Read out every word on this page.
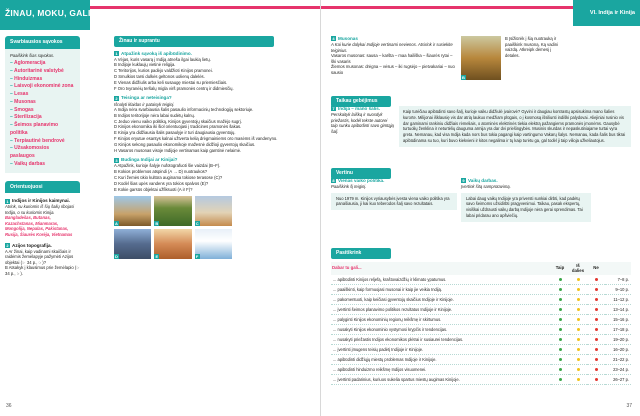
ŽINAU, MOKU, GALIU
Svarbiausios sąvokos
Paaiškink šias sąvokas.
– Aglomeracija
– Autoritarinė valstybė
– Hinduizmas
– Laisvoji ekonominė zona
– Lesas
– Musonas
– Smogas
– Sterilizacija
– Šeimos planavimo politika
– Terpiautinė bendrovė
– Užsakomosios paslaugos
– Vaikų darbas
Orientuojuosi
1 Indijos ir Kinijos kaimynai.
Atrink, su kuriomis iš šių šalių ribojasi Indija, o su kuriomis Kinija.
Bangladešas, Butanas, Kazachstanas, Mianmaras, Mongolija, Nepalas, Pakistanas, Rusija, Šiaurės Korėja, Vietnamas
2 Azijos topografija.
A Ar žinai, kaip vadinami skaičiais ir raidėmis žemėlapyje pažymėti Azijos objektai (☞ 34 p., ☞)?
B Atsakyk į klausimus prie žemėlapio (☞ 34 p., ☞).
Žinau ir suprantu
1 Atpažink sąvoką iš apibūdinimo.
A Vėjas, kuris vasarą į Indiją atneša ilgai laukią lietų.
B Indijoje kuklaujų vietinė religija.
C Teritorijos, kurios padėjo valdžioti Kinijos pramonei.
D Smulkios tarsi dulkės geltonos uolienų dalelės.
E Vienas didžiulis arba keli susaugę miestai su priemiesčiais.
F Oro tvyranėių teršalų migla virš pramonės centrų ir didmiesčių.
2 Teisinga ar neteisinga?
Išnalyti klaidas ir pataisyk teiginį.
A Indija nėra svarbiausia šalis pasaulio informacinių technologijų sektoriuje.
B Indijos teritorijoje nėra labai sudėtų kalnų.
C Jeduo vienu vaiko politiką, Kinijos gyventojų skaičius mažėjo sugrį.
D Kinijos ekonomika iki šiol orientuojasi į tradicines pramonės šakas.
E Kinija yra didžiausia šalis pasaulyje ir turi daugiausia gyventojų.
F Kinijos eryutue esantys kalnai užtverta kelią drėgmainiems oro masėms iš vandenyno.
G Kinijos sekong pasaulio ekonomikoje mažesnė didžioji gyventojų skaičius.
H Vasaros musonas visoje Indijoje vertinamas kaip gamtinė nelaimė.
3 Budinga Indijai ar Kinijai?
A Atpažink, kurioje šalyje nufotografuoti šie vaizdai (B–F).
B Kokios problemos atspindi (A → D) nuotraukos?
C Kuri žemės ūkio kultūra auginama tokiose terasose (C)?
D Kodėl šias upės vandens yra tokios spalvos (E)?
E Kokie garsūs objektai užfiksuoti (A ir F)?
A	B	C
D	E	F
36
VI. Indija ir Kinija
4 Musonas
A Kai kurie dalykai Indijoje vertinami nevienos. Atsirink ir susiekite teiginius.
Vasaros musonas: sausa – karšta – maa hailiška – šiaurės rytai – ški vasaris
Žiemos musonas: drėgna – vėsus – iki rugsėjo – pietvakariai – nuo sausio
B
B Įsižiūrėk į šią nuotrauką ir paaiškink musoną. Ką vadini vaizdą. Atkreipk dėmesį į detales.
Taikau gebėjimus
7 Indija – mano šalis.
Perskaityk laišką ir nuosdyk priežastis, kodėl tekste autorei taip sunku apibūdinti savo gimtąją šalį.
Kaip turėčiau apibūdinti savo šalį, kurioje vaiku didžiulė įvairovė? Gyvini ir daugiau kontrastų apsisukima mano šalies kurorte. Milijonai išklausię vis dar atrią laukuo medžiam plūgais, o į kosmosą išsiliunti indiški palydovai. Aliejiniai rusinio vis dar gaminami rankiniu didžiais rėmeliais, o atominės elektrinės tiekia elektrą pažangiems pramonės įmonėms. Gausybė turtuolių ženklina ir neturtėlių dauguma armija yra dar dvi priešingybės. Musinis skurdas ir nepaskutiniajame turtai vyra greta. Nemanau, kad visa Indija kada nors bus tokia pagangi kaip vartingumo Vakarų šalys. Nemanau, kada šalis bus tikrai apibūdinama su tuo, kuri buvo kiekvieni ir kitos negalima ir tų kaip turėtu ga, gal todėl ji taip vilioja užkeliautojus.
Vertinu
8 Vienas vaiko politika.
Paaiškink šį teiginį.
Nuo 1979 m. Kinijos vyriausybės įvesta viena vaiko politika yra panašiausia, ji kai kuo teberodos šalį savo rezultatais.
9 Vaikų darbas.
Įvertink šitą samprotavimą.
Labai daug vaikų Indijoje yra priversti sunkiai dirbti, kad padėtų savo šeimoms užsidirbti pragyvenimui. Taikau, pasak ekspertų, visiškai uždrausti vaikų darbą Indijoje nėra gerai sprendimas. Tai labai pridarau ano apšviečių.
Pasitikrink
Dabar tu gali...	Taip	Iš dalies	Ne	
... apibūdinti Kinijos reljefą, kraštovaizdžių ir klimato ypatumus.				7–8 p.
... paaiškinti, kaip formuojasi musonai ir kaip jie veikia Indiją.				9–10 p.
... pakomentuoti, kaip keičiasi gyventojų skaičius Indijoje ir Kinijoje.				11–12 p.
... įvertinti šeimos planavimo politikos rezultatus Indijoje ir Kinijoje.				13–14 p.
... palyginti Kinijos ekonominių regionų reikšmę ir skirtumus.				15–16 p.
... nusakyti Kinijos ekonominio vystymosi krypčis ir tendencijas.				17–18 p.
... nusakyti priežastis Indijos ekonomikos plėtrai ir susiaurei tendencijas.				19–20 p.
... įvertinti įmugens teisių padėtį Indijoje ir Kinijoje.				16–20 p.
... apibūdinti didžiųjų miestų problemas Indijoje ir Kinijoje.				21–22 p.
... apibūdinti hinduizmo reikšmę Indijos visuomenei.				23–24 p.
... įvertinti padarinius, kuriuos sukelia spartus miestų augimas Kinijoje.				26–27 p.
37
